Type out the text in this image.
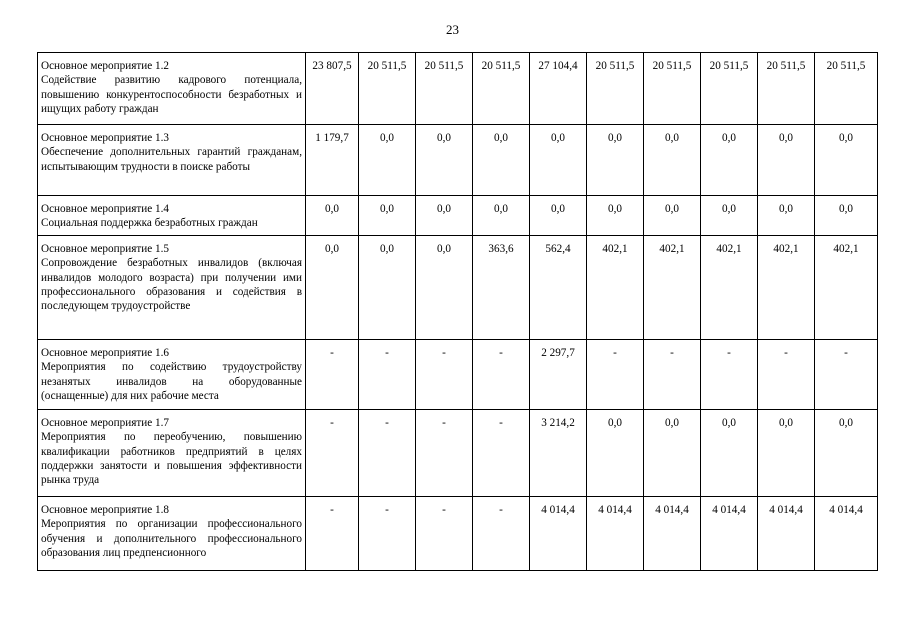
23
Основное мероприятие 1.2
Содействие развитию кадрового потенциала, повышению конкурентоспособности безработных и ищущих работу граждан	23 807,5	20 511,5	20 511,5	20 511,5	27 104,4	20 511,5	20 511,5	20 511,5	20 511,5	20 511,5

Основное мероприятие 1.3
Обеспечение дополнительных гарантий гражданам, испытывающим трудности в поиске работы	1 179,7	0,0	0,0	0,0	0,0	0,0	0,0	0,0	0,0	0,0

Основное мероприятие 1.4
Социальная поддержка безработных граждан	0,0	0,0	0,0	0,0	0,0	0,0	0,0	0,0	0,0	0,0

Основное мероприятие 1.5
Сопровождение безработных инвалидов (включая инвалидов молодого возраста) при получении ими профессионального образования и содействия в последующем трудоустройстве	0,0	0,0	0,0	363,6	562,4	402,1	402,1	402,1	402,1	402,1

Основное мероприятие 1.6
Мероприятия по содействию трудоустройству незанятых инвалидов на оборудованные (оснащенные) для них рабочие места	-	-	-	-	2 297,7	-	-	-	-	-

Основное мероприятие 1.7
Мероприятия по переобучению, повышению квалификации работников предприятий в целях поддержки занятости и повышения эффективности рынка труда	-	-	-	-	3 214,2	0,0	0,0	0,0	0,0	0,0

Основное мероприятие 1.8
Мероприятия по организации профессионального обучения и дополнительного профессионального образования лиц предпенсионного	-	-	-	-	4 014,4	4 014,4	4 014,4	4 014,4	4 014,4	4 014,4
